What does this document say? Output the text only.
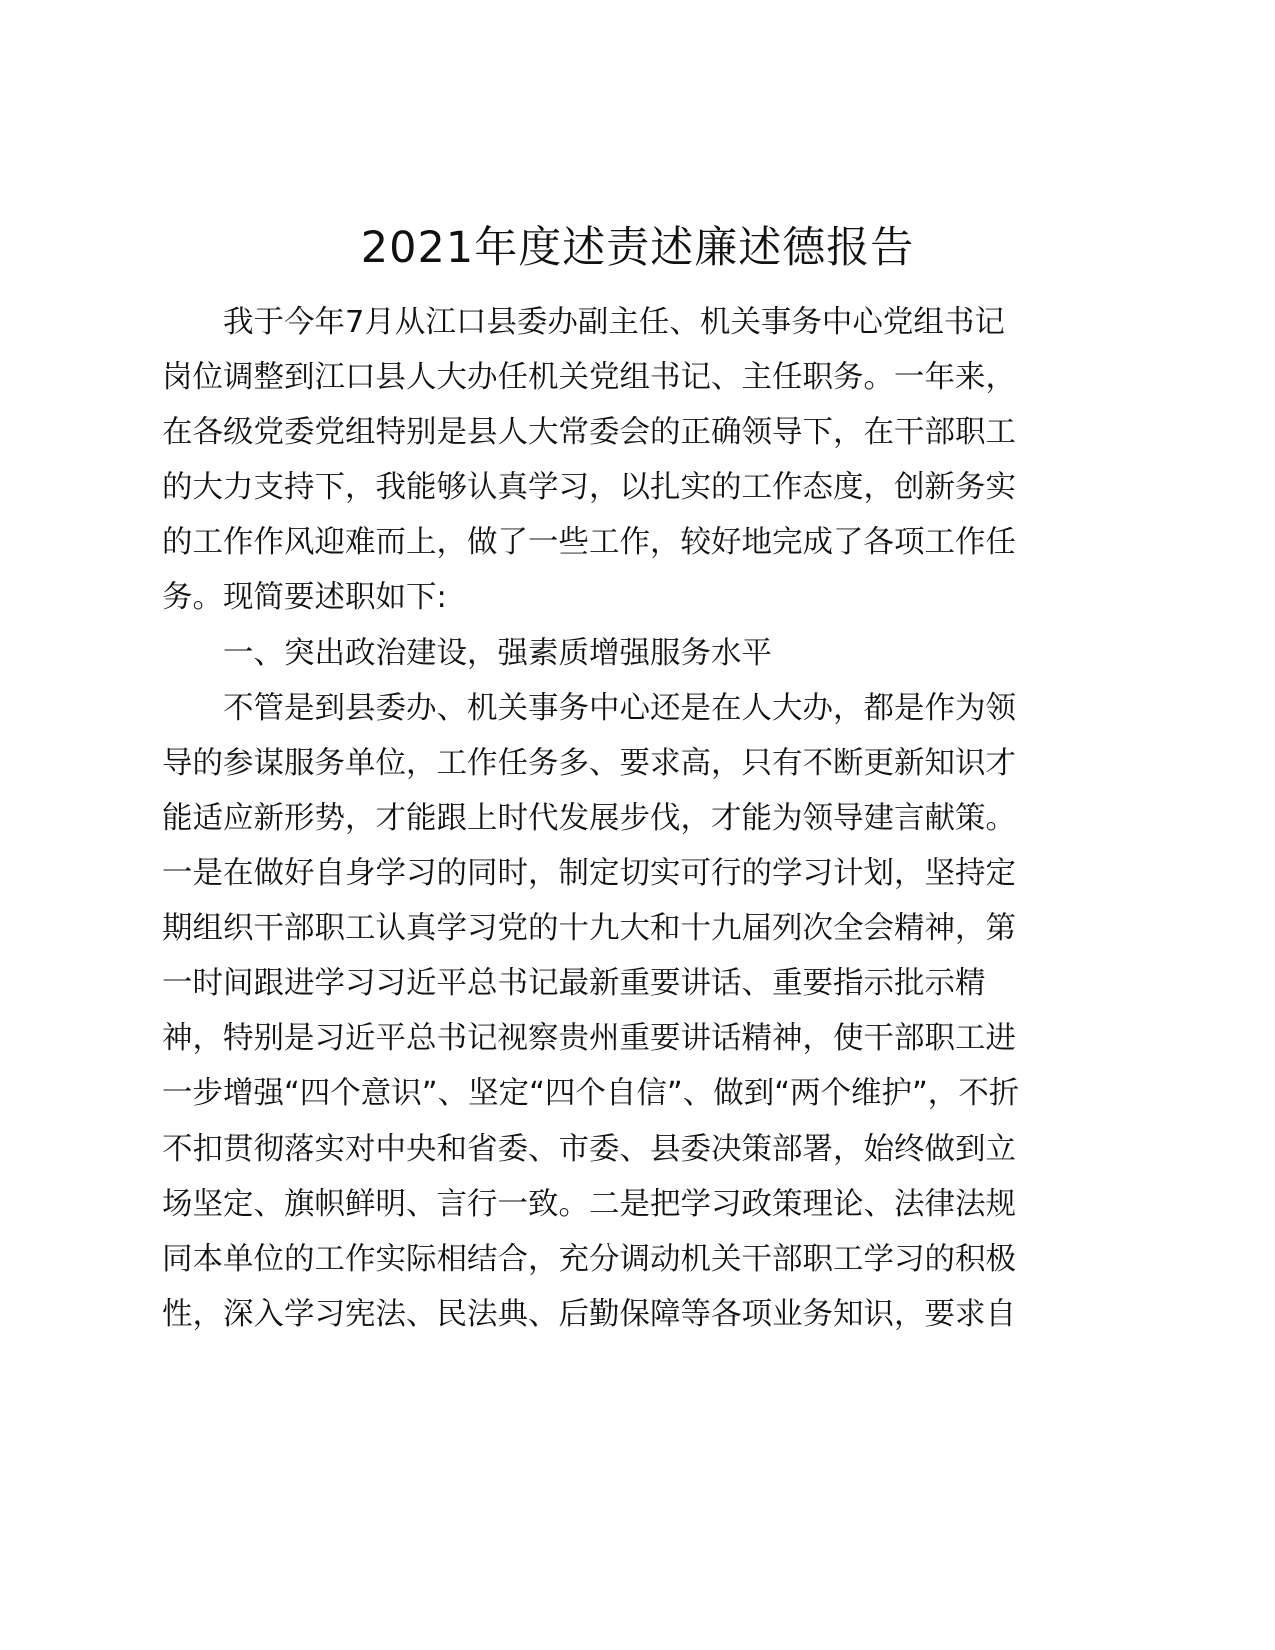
2021年度述责述廉述德报告
　　我于今年7月从江口县委办副主任、机关事务中心党组书记
岗位调整到江口县人大办任机关党组书记、主任职务。一年来，
在各级党委党组特别是县人大常委会的正确领导下，在干部职工
的大力支持下，我能够认真学习，以扎实的工作态度，创新务实
的工作作风迎难而上，做了一些工作，较好地完成了各项工作任
务。现简要述职如下:
　　一、突出政治建设，强素质增强服务水平
　　不管是到县委办、机关事务中心还是在人大办，都是作为领
导的参谋服务单位，工作任务多、要求高，只有不断更新知识才
能适应新形势，才能跟上时代发展步伐，才能为领导建言献策。
一是在做好自身学习的同时，制定切实可行的学习计划，坚持定
期组织干部职工认真学习党的十九大和十九届列次全会精神，第
一时间跟进学习习近平总书记最新重要讲话、重要指示批示精
神，特别是习近平总书记视察贵州重要讲话精神，使干部职工进
一步增强“四个意识”、坚定“四个自信”、做到“两个维护”，不折
不扣贯彻落实对中央和省委、市委、县委决策部署，始终做到立
场坚定、旗帜鲜明、言行一致。二是把学习政策理论、法律法规
同本单位的工作实际相结合，充分调动机关干部职工学习的积极
性，深入学习宪法、民法典、后勤保障等各项业务知识，要求自
